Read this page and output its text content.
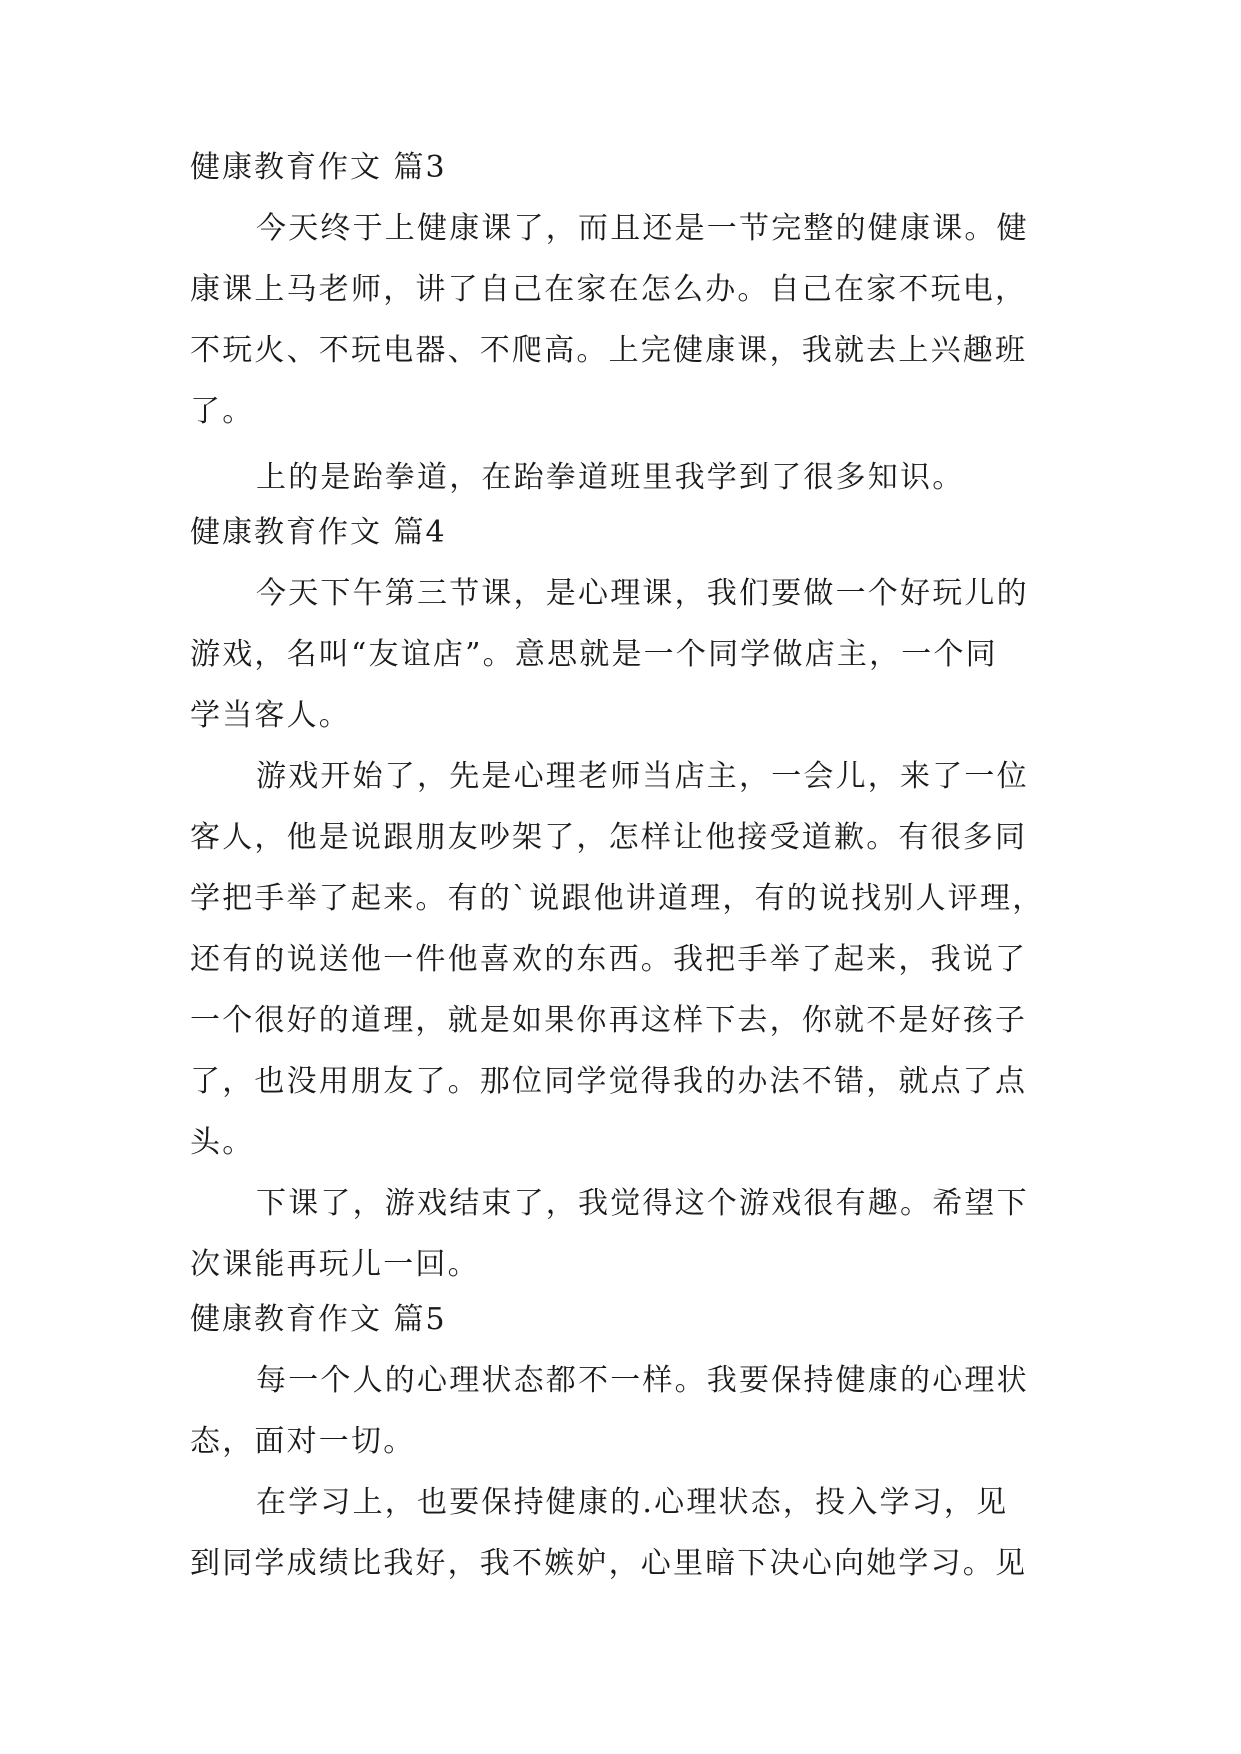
健康教育作文 篇3
今天终于上健康课了，而且还是一节完整的健康课。健
康课上马老师，讲了自己在家在怎么办。自己在家不玩电，
不玩火、不玩电器、不爬高。上完健康课，我就去上兴趣班
了。
上的是跆拳道，在跆拳道班里我学到了很多知识。
健康教育作文 篇4
今天下午第三节课，是心理课，我们要做一个好玩儿的
游戏，名叫“友谊店”。意思就是一个同学做店主，一个同
学当客人。
游戏开始了，先是心理老师当店主，一会儿，来了一位
客人，他是说跟朋友吵架了，怎样让他接受道歉。有很多同
学把手举了起来。有的`说跟他讲道理，有的说找别人评理，
还有的说送他一件他喜欢的东西。我把手举了起来，我说了
一个很好的道理，就是如果你再这样下去，你就不是好孩子
了，也没用朋友了。那位同学觉得我的办法不错，就点了点
头。
下课了，游戏结束了，我觉得这个游戏很有趣。希望下
次课能再玩儿一回。
健康教育作文 篇5
每一个人的心理状态都不一样。我要保持健康的心理状
态，面对一切。
在学习上，也要保持健康的.心理状态，投入学习，见
到同学成绩比我好，我不嫉妒，心里暗下决心向她学习。见
